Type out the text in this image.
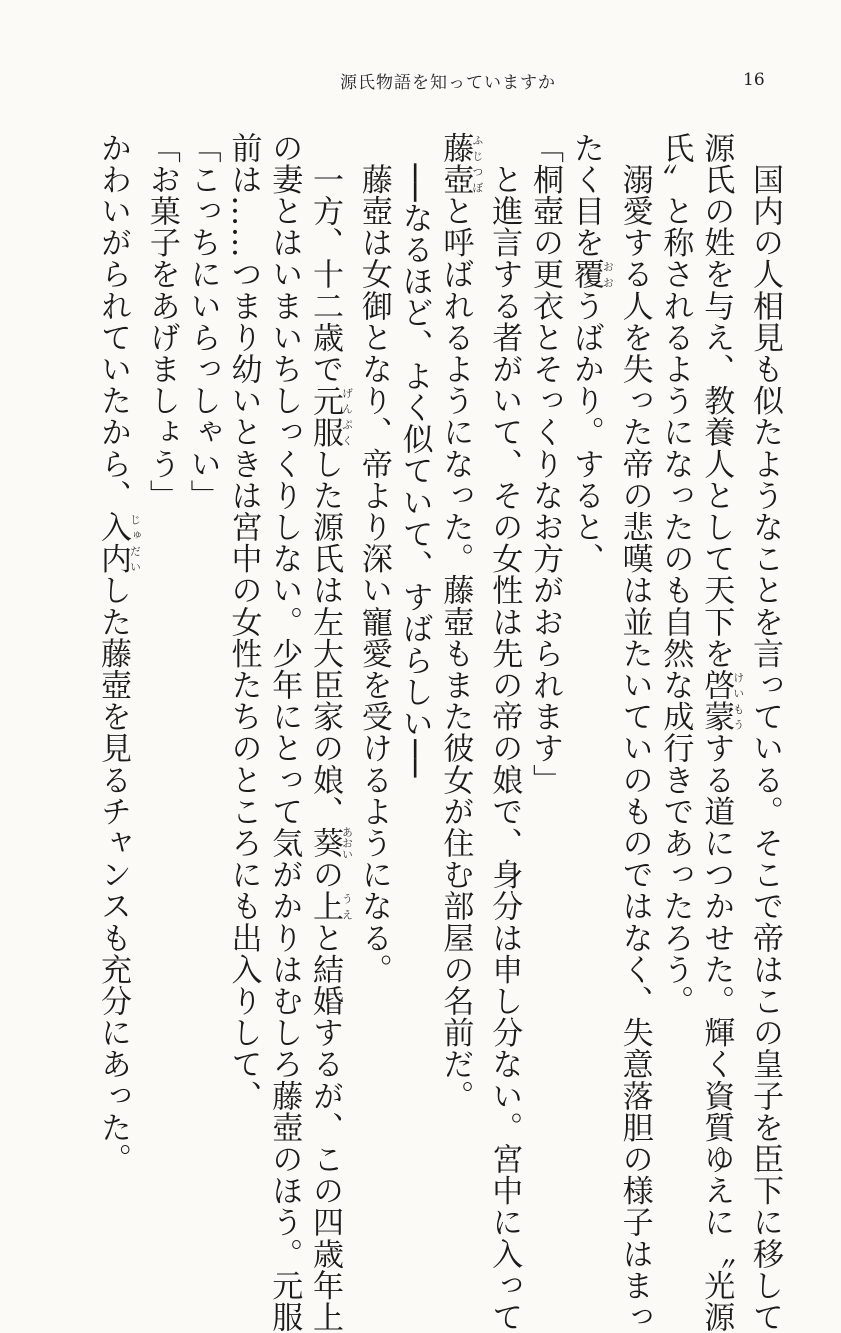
源氏物語を知っていますか	16
　国内の人相見も似たようなことを言っている。そこで帝はこの皇子を臣下に移して
源氏の姓を与え、教養人として天下を啓蒙けいもうする道につかせた。輝く資質ゆえに〝光源
氏〟と称されるようになったのも自然な成行きであったろう。
　溺愛する人を失った帝の悲嘆は並たいていのものではなく、失意落胆の様子はまっ
たく目を覆おおうばかり。すると、
「桐壺の更衣とそっくりなお方がおられます」
　と進言する者がいて、その女性は先の帝の娘で、身分は申し分ない。宮中に入って
藤壺ふじつぼと呼ばれるようになった。藤壺もまた彼女が住む部屋の名前だ。
　──なるほど、よく似ていて、すばらしい──
　藤壺は女御となり、帝より深い寵愛を受けるようになる。
　一方、十二歳で元服げんぷくした源氏は左大臣家の娘、葵あおいの上うえと結婚するが、この四歳年上
の妻とはいまいちしっくりしない。少年にとって気がかりはむしろ藤壺のほう。元服
前は……つまり幼いときは宮中の女性たちのところにも出入りして、
「こっちにいらっしゃい」
「お菓子をあげましょう」
かわいがられていたから、入内じゅだいした藤壺を見るチャンスも充分にあった。
